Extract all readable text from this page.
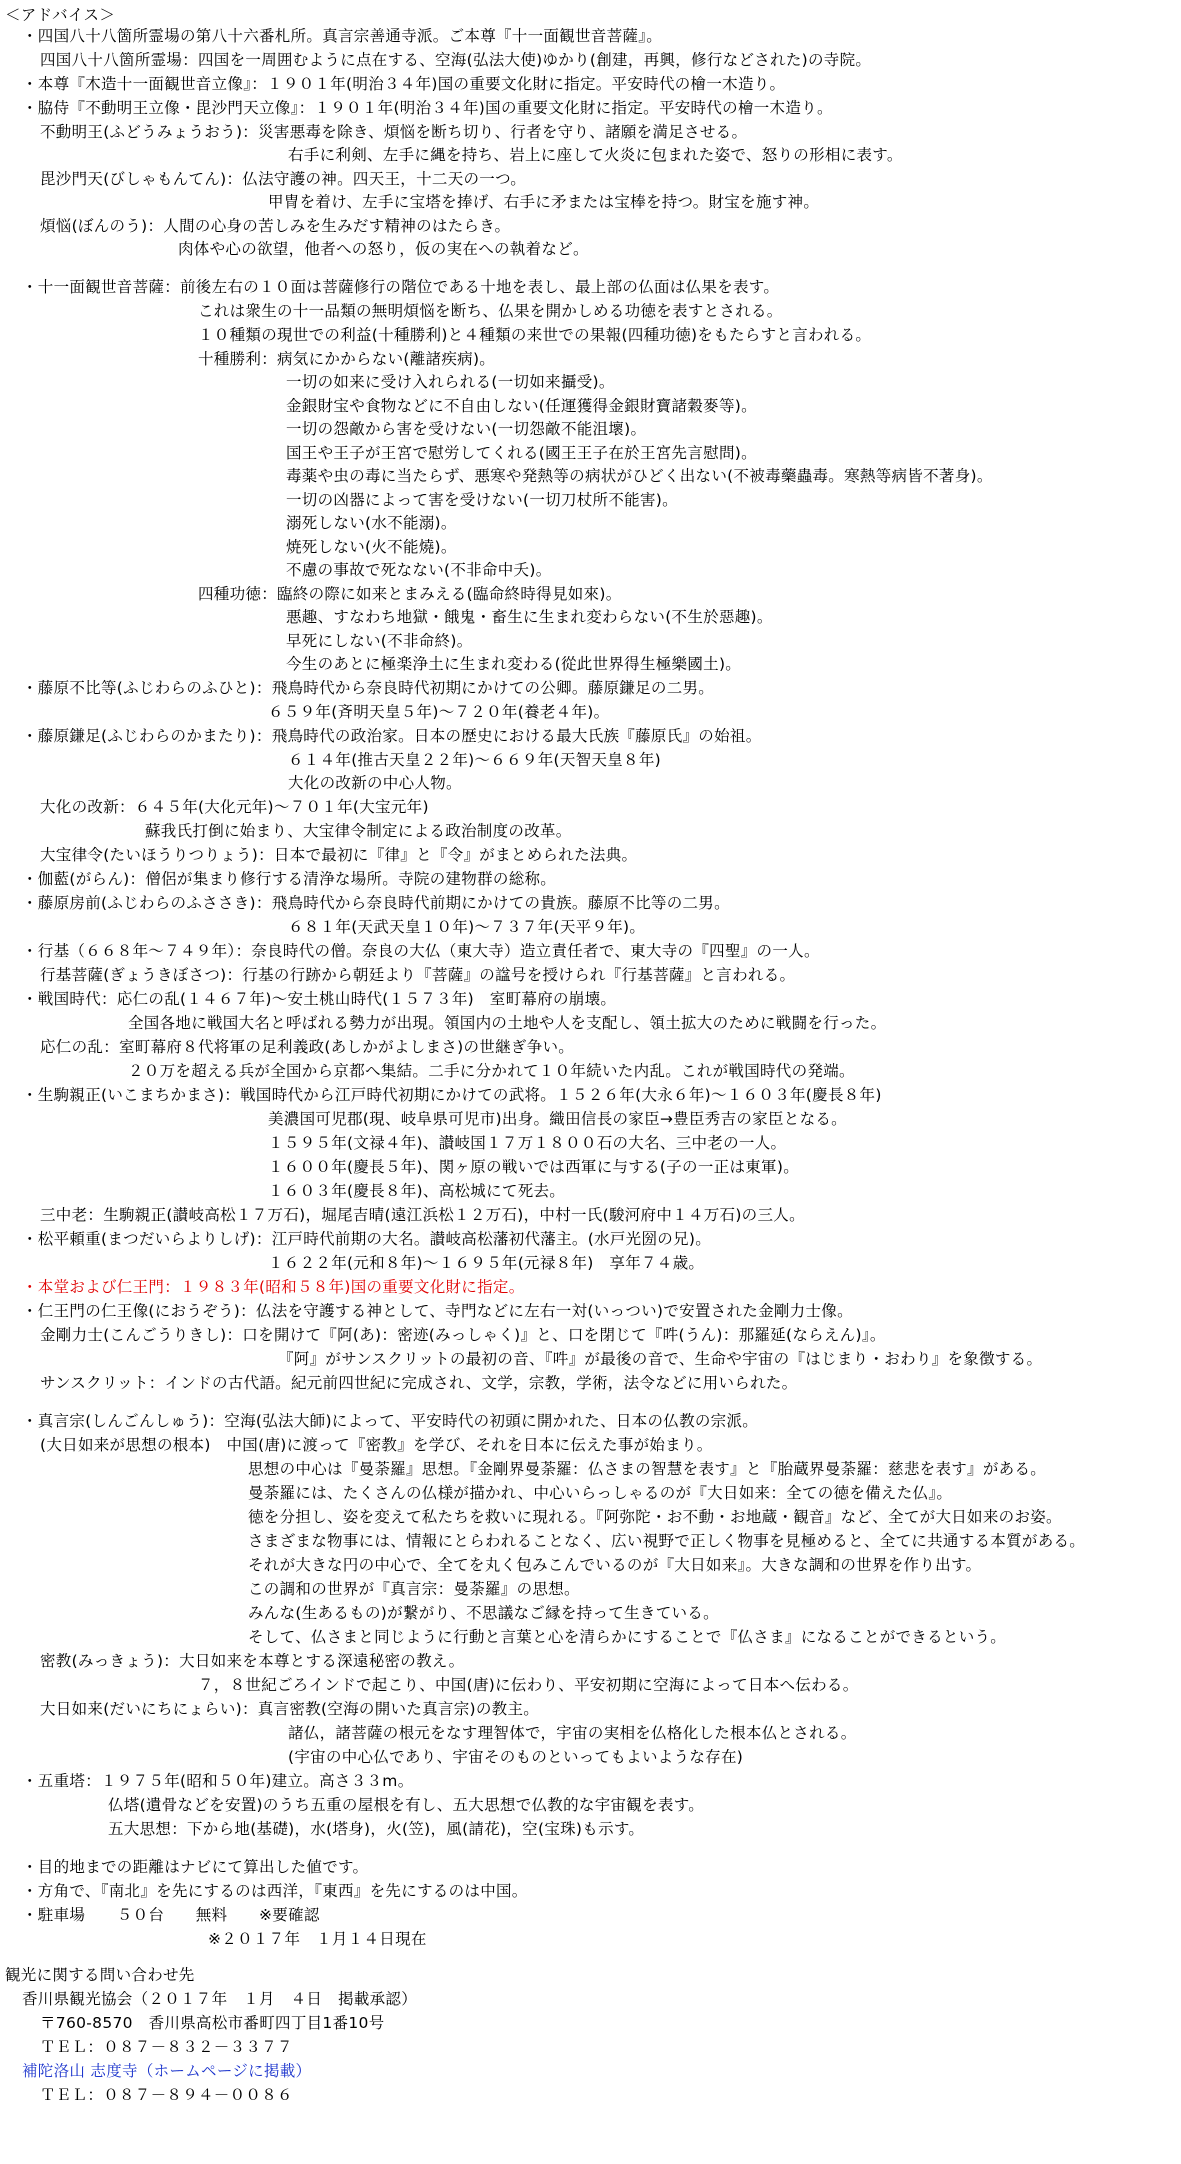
＜アドバイス＞
・四国八十八箇所霊場の第八十六番札所。真言宗善通寺派。ご本尊『十一面観世音菩薩』。
四国八十八箇所霊場：四国を一周囲むように点在する、空海(弘法大使)ゆかり(創建，再興，修行などされた)の寺院。
・本尊『木造十一面観世音立像』：１９０１年(明治３４年)国の重要文化財に指定。平安時代の檜一木造り。
・脇侍『不動明王立像・毘沙門天立像』：１９０１年(明治３４年)国の重要文化財に指定。平安時代の檜一木造り。
不動明王(ふどうみょうおう)：災害悪毒を除き、煩悩を断ち切り、行者を守り、諸願を満足させる。
右手に利剣、左手に縄を持ち、岩上に座して火炎に包まれた姿で、怒りの形相に表す。
毘沙門天(びしゃもんてん)：仏法守護の神。四天王，十二天の一つ。
甲冑を着け、左手に宝塔を捧げ、右手に矛または宝棒を持つ。財宝を施す神。
煩悩(ぼんのう)：人間の心身の苦しみを生みだす精神のはたらき。
肉体や心の欲望，他者への怒り，仮の実在への執着など。
・十一面観世音菩薩：前後左右の１０面は菩薩修行の階位である十地を表し、最上部の仏面は仏果を表す。
これは衆生の十一品類の無明煩悩を断ち、仏果を開かしめる功徳を表すとされる。
１０種類の現世での利益(十種勝利)と４種類の来世での果報(四種功徳)をもたらすと言われる。
十種勝利：病気にかからない(離諸疾病)。
一切の如来に受け入れられる(一切如来攝受)。
金銀財宝や食物などに不自由しない(任運獲得金銀財寶諸穀麥等)。
一切の怨敵から害を受けない(一切怨敵不能沮壞)。
国王や王子が王宮で慰労してくれる(國王王子在於王宮先言慰問)。
毒薬や虫の毒に当たらず、悪寒や発熱等の病状がひどく出ない(不被毒藥蟲毒。寒熱等病皆不著身)。
一切の凶器によって害を受けない(一切刀杖所不能害)。
溺死しない(水不能溺)。
焼死しない(火不能燒)。
不慮の事故で死なない(不非命中夭)。
四種功徳：臨終の際に如来とまみえる(臨命終時得見如來)。
悪趣、すなわち地獄・餓鬼・畜生に生まれ変わらない(不生於惡趣)。
早死にしない(不非命終)。
今生のあとに極楽浄土に生まれ変わる(從此世界得生極樂國土)。
・藤原不比等(ふじわらのふひと)：飛鳥時代から奈良時代初期にかけての公卿。藤原鎌足の二男。
６５９年(斉明天皇５年)～７２０年(養老４年)。
・藤原鎌足(ふじわらのかまたり)：飛鳥時代の政治家。日本の歴史における最大氏族『藤原氏』の始祖。
６１４年(推古天皇２２年)～６６９年(天智天皇８年)
大化の改新の中心人物。
大化の改新：６４５年(大化元年)～７０１年(大宝元年)
蘇我氏打倒に始まり、大宝律令制定による政治制度の改革。
大宝律令(たいほうりつりょう)：日本で最初に『律』と『令』がまとめられた法典。
・伽藍(がらん)：僧侶が集まり修行する清浄な場所。寺院の建物群の総称。
・藤原房前(ふじわらのふささき)：飛鳥時代から奈良時代前期にかけての貴族。藤原不比等の二男。
６８１年(天武天皇１０年)～７３７年(天平９年)。
・行基（６６８年～７４９年）：奈良時代の僧。奈良の大仏（東大寺）造立責任者で、東大寺の『四聖』の一人。
行基菩薩(ぎょうきぼさつ)：行基の行跡から朝廷より『菩薩』の諡号を授けられ『行基菩薩』と言われる。
・戦国時代：応仁の乱(１４６７年)～安土桃山時代(１５７３年)　室町幕府の崩壊。
全国各地に戦国大名と呼ばれる勢力が出現。領国内の土地や人を支配し、領土拡大のために戦闘を行った。
応仁の乱：室町幕府８代将軍の足利義政(あしかがよしまさ)の世継ぎ争い。
２０万を超える兵が全国から京都へ集結。二手に分かれて１０年続いた内乱。これが戦国時代の発端。
・生駒親正(いこまちかまさ)：戦国時代から江戸時代初期にかけての武将。１５２６年(大永６年)～１６０３年(慶長８年)
美濃国可児郡(現、岐阜県可児市)出身。織田信長の家臣→豊臣秀吉の家臣となる。
１５９５年(文禄４年)、讃岐国１７万１８００石の大名、三中老の一人。
１６００年(慶長５年)、関ヶ原の戦いでは西軍に与する(子の一正は東軍)。
１６０３年(慶長８年)、高松城にて死去。
三中老：生駒親正(讃岐高松１７万石)，堀尾吉晴(遠江浜松１２万石)，中村一氏(駿河府中１４万石)の三人。
・松平頼重(まつだいらよりしげ)：江戸時代前期の大名。讃岐高松藩初代藩主。(水戸光圀の兄)。
１６２２年(元和８年)～１６９５年(元禄８年)　享年７４歳。
・本堂および仁王門：１９８３年(昭和５８年)国の重要文化財に指定。
・仁王門の仁王像(におうぞう)：仏法を守護する神として、寺門などに左右一対(いっつい)で安置された金剛力士像。
金剛力士(こんごうりきし)：口を開けて『阿(あ)：密迹(みっしゃく)』と、口を閉じて『吽(うん)：那羅延(ならえん)』。
『阿』がサンスクリットの最初の音、『吽』が最後の音で、生命や宇宙の『はじまり・おわり』を象徴する。
サンスクリット：インドの古代語。紀元前四世紀に完成され、文学，宗教，学術，法令などに用いられた。
・真言宗(しんごんしゅう)：空海(弘法大師)によって、平安時代の初頭に開かれた、日本の仏教の宗派。
(大日如来が思想の根本)　中国(唐)に渡って『密教』を学び、それを日本に伝えた事が始まり。
思想の中心は『曼荼羅』思想。『金剛界曼荼羅：仏さまの智慧を表す』と『胎蔵界曼荼羅：慈悲を表す』がある。
曼荼羅には、たくさんの仏様が描かれ、中心いらっしゃるのが『大日如来：全ての徳を備えた仏』。
徳を分担し、姿を変えて私たちを救いに現れる。『阿弥陀・お不動・お地蔵・観音』など、全てが大日如来のお姿。
さまざまな物事には、情報にとらわれることなく、広い視野で正しく物事を見極めると、全てに共通する本質がある。
それが大きな円の中心で、全てを丸く包みこんでいるのが『大日如来』。大きな調和の世界を作り出す。
この調和の世界が『真言宗：曼荼羅』の思想。
みんな(生あるもの)が繋がり、不思議なご縁を持って生きている。
そして、仏さまと同じように行動と言葉と心を清らかにすることで『仏さま』になることができるという。
密教(みっきょう)：大日如来を本尊とする深遠秘密の教え。
７，８世紀ごろインドで起こり、中国(唐)に伝わり、平安初期に空海によって日本へ伝わる。
大日如来(だいにちにょらい)：真言密教(空海の開いた真言宗)の教主。
諸仏，諸菩薩の根元をなす理智体で，宇宙の実相を仏格化した根本仏とされる。
(宇宙の中心仏であり、宇宙そのものといってもよいような存在)
・五重塔：１９７５年(昭和５０年)建立。高さ３３m。
仏塔(遺骨などを安置)のうち五重の屋根を有し、五大思想で仏教的な宇宙観を表す。
五大思想：下から地(基礎)，水(塔身)，火(笠)，風(請花)，空(宝珠)も示す。
・目的地までの距離はナビにて算出した値です。
・方角で、『南北』を先にするのは西洋，『東西』を先にするのは中国。
・駐車場　　５０台　　無料　　※要確認
※２０１７年　１月１４日現在
観光に関する問い合わせ先
香川県観光協会（２０１７年　１月　４日　掲載承認）
〒760-8570　香川県高松市番町四丁目1番10号
ＴＥＬ：０８７－８３２－３３７７
補陀洛山 志度寺（ホームページに掲載）
ＴＥＬ：０８７－８９４－００８６
